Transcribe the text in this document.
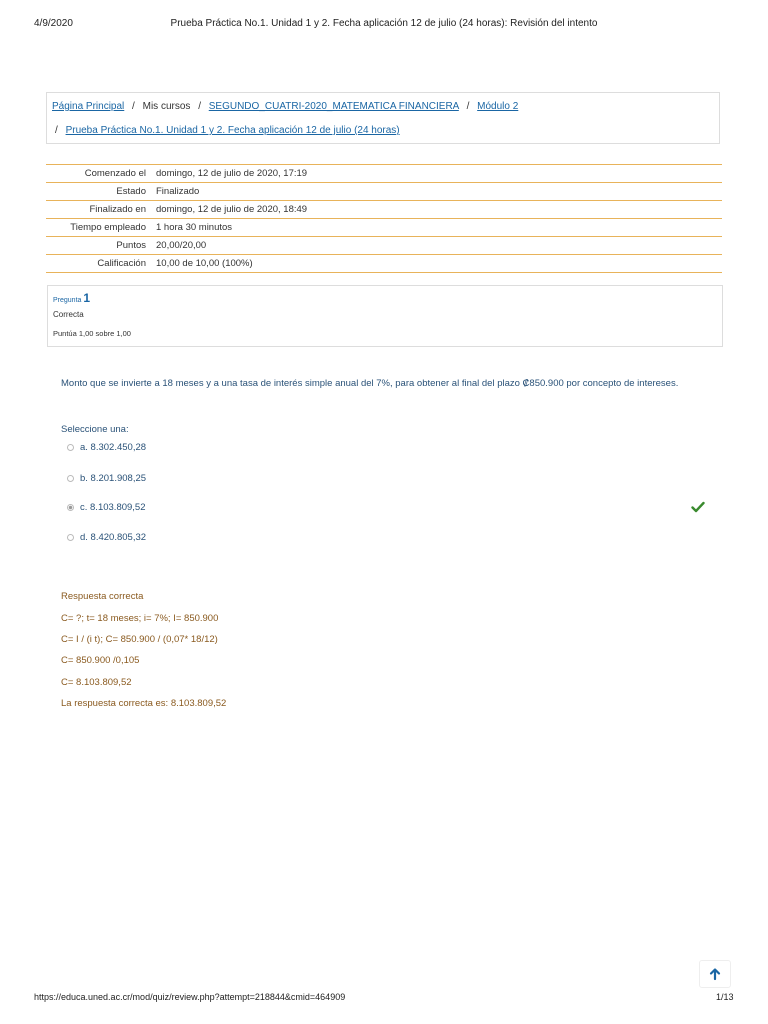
4/9/2020	Prueba Práctica No.1. Unidad 1 y 2. Fecha aplicación 12 de julio (24 horas): Revisión del intento
Página Principal / Mis cursos / SEGUNDO_CUATRI-2020_MATEMATICA FINANCIERA / Módulo 2
/ Prueba Práctica No.1. Unidad 1 y 2. Fecha aplicación 12 de julio (24 horas)
Comenzado el	domingo, 12 de julio de 2020, 17:19
Estado	Finalizado
Finalizado en	domingo, 12 de julio de 2020, 18:49
Tiempo empleado	1 hora 30 minutos
Puntos	20,00/20,00
Calificación	10,00 de 10,00 (100%)
Pregunta 1
Correcta
Puntúa 1,00 sobre 1,00
Monto que se invierte a 18 meses y a una tasa de interés simple anual del 7%, para obtener al final del plazo ₡850.900 por concepto de intereses.
Seleccione una:
a. 8.302.450,28
b. 8.201.908,25
c. 8.103.809,52
d. 8.420.805,32
Respuesta correcta
C= ?; t= 18 meses; i= 7%; I= 850.900
C= I / (i t); C= 850.900 / (0,07* 18/12)
C= 850.900 /0,105
C= 8.103.809,52
La respuesta correcta es: 8.103.809,52
https://educa.uned.ac.cr/mod/quiz/review.php?attempt=218844&cmid=464909	1/13
